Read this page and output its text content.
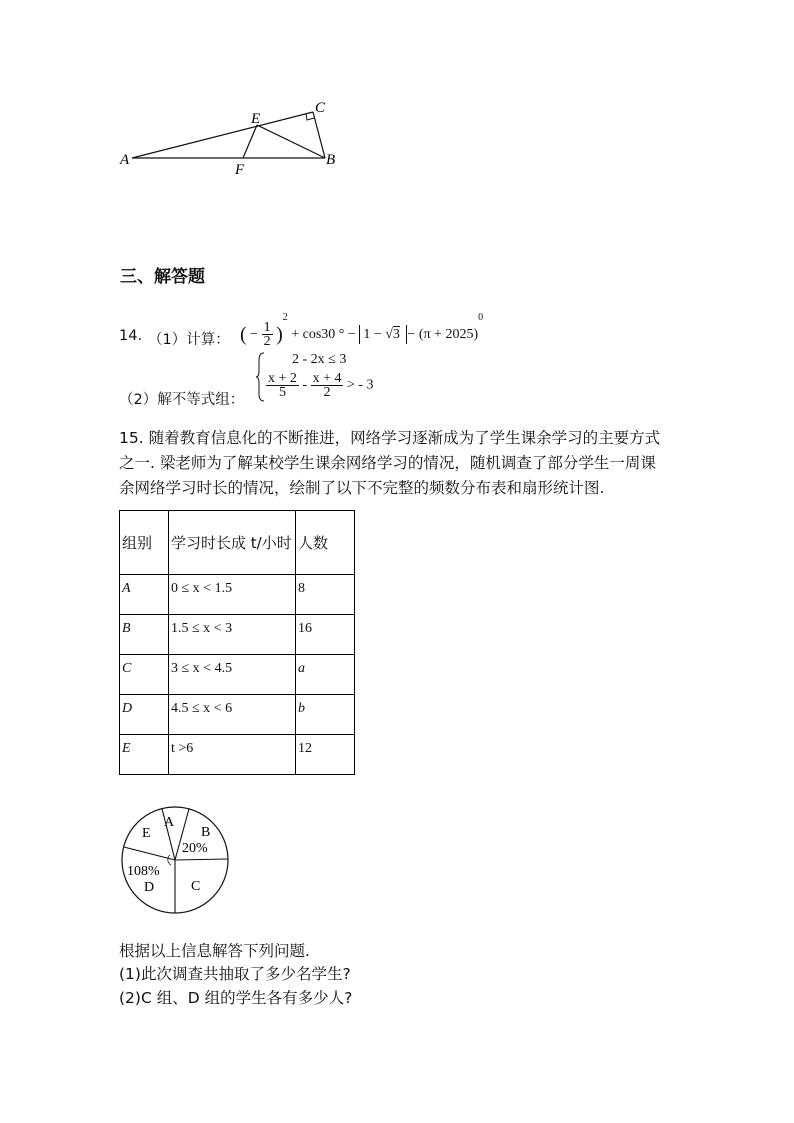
A	B
C
E
F
三、解答题
14. （1）计算： ( − $\frac{1}{2} )^2 + \cos 30$ ° − $1 - √3 - (\pi + 2025)^0$
（2）解不等式组：
2 - 2x ≤ 3
$\frac{x + 2}{5} - \frac{x + 4}{2}$ > - 3
15. 随着教育信息化的不断推进，网络学习逐渐成为了学生课余学习的主要方式
之一. 梁老师为了解某校学生课余网络学习的情况，随机调查了部分学生一周课
余网络学习时长的情况，绘制了以下不完整的频数分布表和扇形统计图.
组别	学习时长成 t/小时	人数
A	0 ≤ x < 1.5	8
B	1.5 ≤ x < 3	16
C	3 ≤ x < 4.5	a
D	4.5 ≤ x < 6	b
E	t >6	12
A
B
20%
C
108%
D
E
根据以上信息解答下列问题.
(1)此次调查共抽取了多少名学生?
(2)C 组、D 组的学生各有多少人?
